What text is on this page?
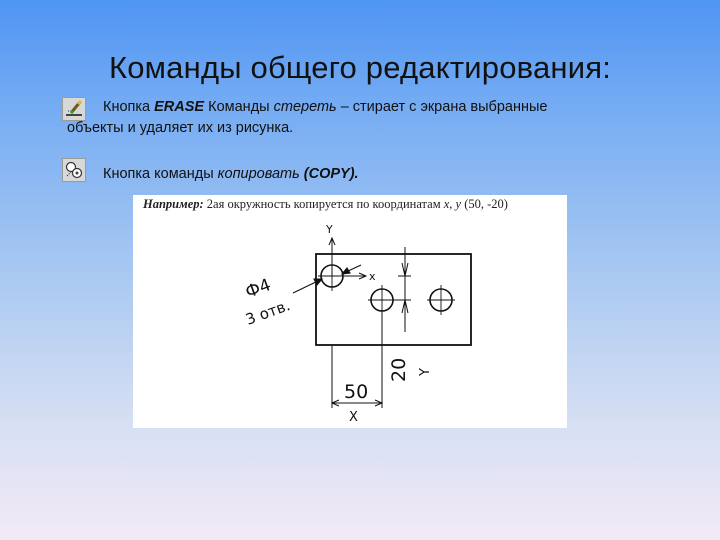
Команды общего редактирования:
Кнопка ERASE Команды стереть – стирает с экрана выбранные
объекты и удаляет их из рисунка.
Кнопка команды копировать (COPY).
Например: 2ая окружность копируется по координатам x, y (50, -20)
Y
x
Ф4
3 отв.
50
X
20 Y
